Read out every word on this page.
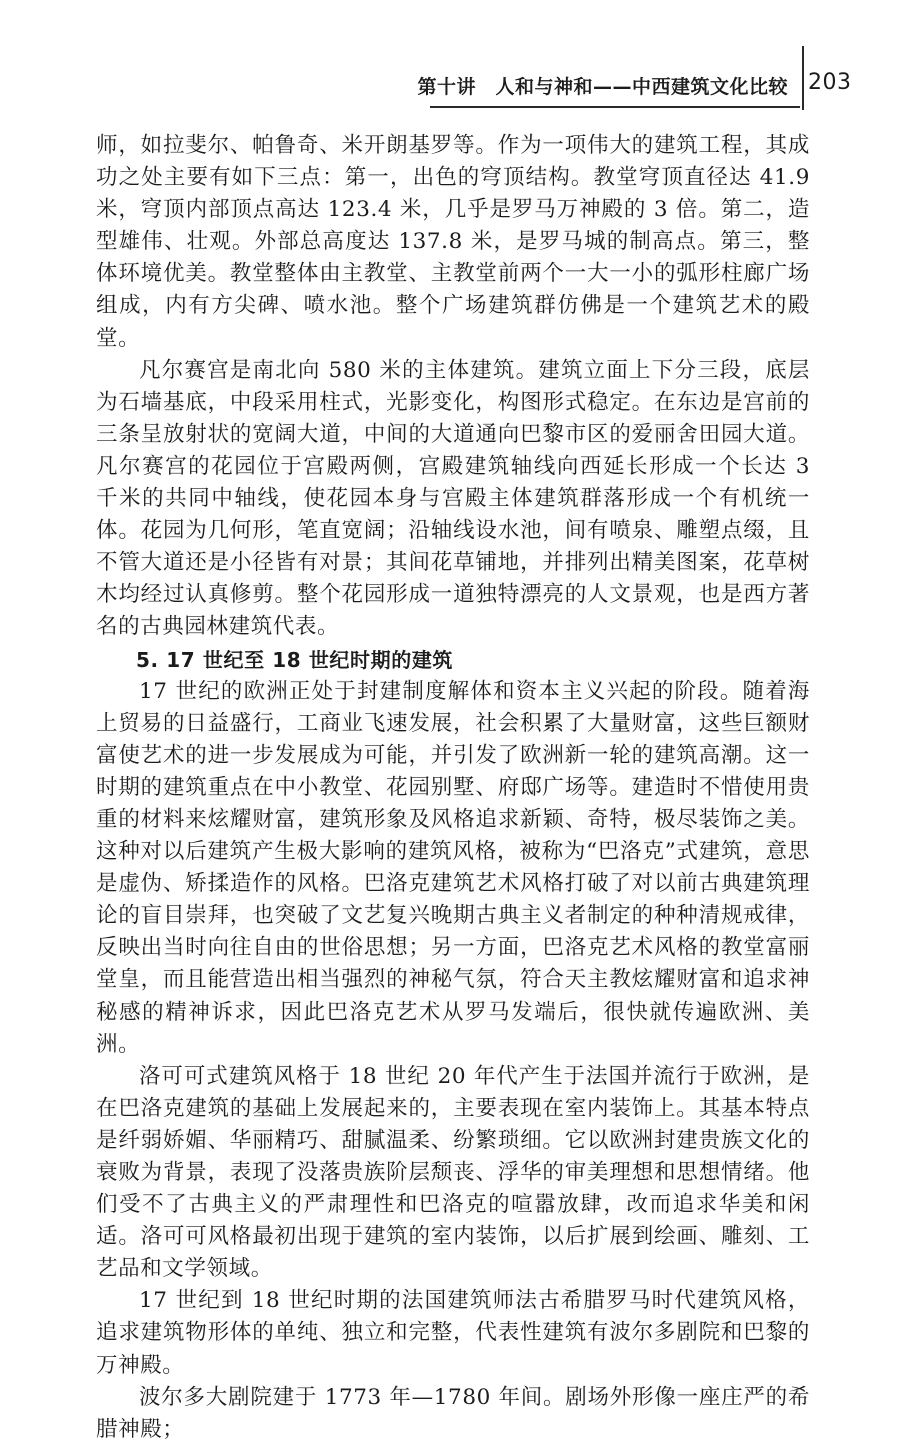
第十讲　人和与神和——中西建筑文化比较 203

师，如拉斐尔、帕鲁奇、米开朗基罗等。作为一项伟大的建筑工程，其成功之处主要有如下三点：第一，出色的穹顶结构。教堂穹顶直径达 41.9 米，穹顶内部顶点高达 123.4 米，几乎是罗马万神殿的 3 倍。第二，造型雄伟、壮观。外部总高度达 137.8 米，是罗马城的制高点。第三，整体环境优美。教堂整体由主教堂、主教堂前两个一大一小的弧形柱廊广场组成，内有方尖碑、喷水池。整个广场建筑群仿佛是一个建筑艺术的殿堂。

凡尔赛宫是南北向 580 米的主体建筑。建筑立面上下分三段，底层为石墙基底，中段采用柱式，光影变化，构图形式稳定。在东边是宫前的三条呈放射状的宽阔大道，中间的大道通向巴黎市区的爱丽舍田园大道。凡尔赛宫的花园位于宫殿两侧，宫殿建筑轴线向西延长形成一个长达 3 千米的共同中轴线，使花园本身与宫殿主体建筑群落形成一个有机统一体。花园为几何形，笔直宽阔；沿轴线设水池，间有喷泉、雕塑点缀，且不管大道还是小径皆有对景；其间花草铺地，并排列出精美图案，花草树木均经过认真修剪。整个花园形成一道独特漂亮的人文景观，也是西方著名的古典园林建筑代表。

5. 17 世纪至 18 世纪时期的建筑

17 世纪的欧洲正处于封建制度解体和资本主义兴起的阶段。随着海上贸易的日益盛行，工商业飞速发展，社会积累了大量财富，这些巨额财富使艺术的进一步发展成为可能，并引发了欧洲新一轮的建筑高潮。这一时期的建筑重点在中小教堂、花园别墅、府邸广场等。建造时不惜使用贵重的材料来炫耀财富，建筑形象及风格追求新颖、奇特，极尽装饰之美。这种对以后建筑产生极大影响的建筑风格，被称为“巴洛克”式建筑，意思是虚伪、矫揉造作的风格。巴洛克建筑艺术风格打破了对以前古典建筑理论的盲目崇拜，也突破了文艺复兴晚期古典主义者制定的种种清规戒律，反映出当时向往自由的世俗思想；另一方面，巴洛克艺术风格的教堂富丽堂皇，而且能营造出相当强烈的神秘气氛，符合天主教炫耀财富和追求神秘感的精神诉求，因此巴洛克艺术从罗马发端后，很快就传遍欧洲、美洲。

洛可可式建筑风格于 18 世纪 20 年代产生于法国并流行于欧洲，是在巴洛克建筑的基础上发展起来的，主要表现在室内装饰上。其基本特点是纤弱娇媚、华丽精巧、甜腻温柔、纷繁琐细。它以欧洲封建贵族文化的衰败为背景，表现了没落贵族阶层颓丧、浮华的审美理想和思想情绪。他们受不了古典主义的严肃理性和巴洛克的喧嚣放肆，改而追求华美和闲适。洛可可风格最初出现于建筑的室内装饰，以后扩展到绘画、雕刻、工艺品和文学领域。

17 世纪到 18 世纪时期的法国建筑师法古希腊罗马时代建筑风格，追求建筑物形体的单纯、独立和完整，代表性建筑有波尔多剧院和巴黎的万神殿。

波尔多大剧院建于 1773 年—1780 年间。剧场外形像一座庄严的希腊神殿；
